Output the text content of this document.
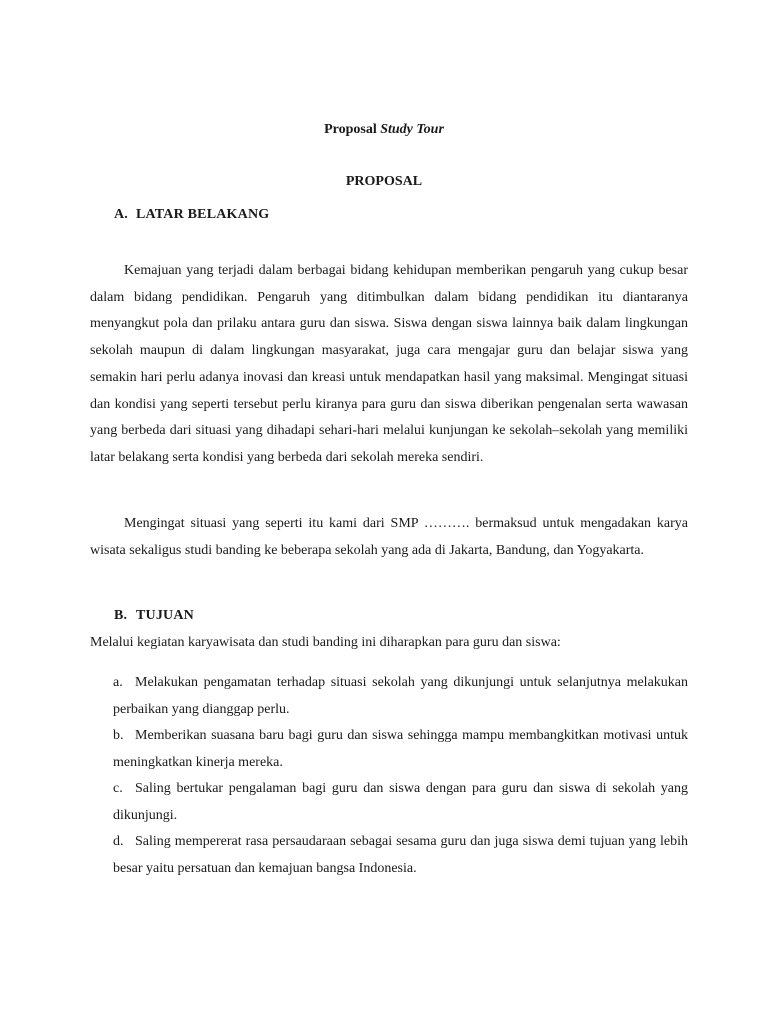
Proposal Study Tour
PROPOSAL
A. LATAR BELAKANG

Kemajuan yang terjadi dalam berbagai bidang kehidupan memberikan pengaruh yang cukup besar dalam bidang pendidikan. Pengaruh yang ditimbulkan dalam bidang pendidikan itu diantaranya menyangkut pola dan prilaku antara guru dan siswa. Siswa dengan siswa lainnya baik dalam lingkungan sekolah maupun di dalam lingkungan masyarakat, juga cara mengajar guru dan belajar siswa yang semakin hari perlu adanya inovasi dan kreasi untuk mendapatkan hasil yang maksimal. Mengingat situasi dan kondisi yang seperti tersebut perlu kiranya para guru dan siswa diberikan pengenalan serta wawasan yang berbeda dari situasi yang dihadapi sehari-hari melalui kunjungan ke sekolah–sekolah yang memiliki latar belakang serta kondisi yang berbeda dari sekolah mereka sendiri.

Mengingat situasi yang seperti itu kami dari SMP ………. bermaksud untuk mengadakan karya wisata sekaligus studi banding ke beberapa sekolah yang ada di Jakarta, Bandung, dan Yogyakarta.

B. TUJUAN

Melalui kegiatan karyawisata dan studi banding ini diharapkan para guru dan siswa:

a. Melakukan pengamatan terhadap situasi sekolah yang dikunjungi untuk selanjutnya melakukan perbaikan yang dianggap perlu.
b. Memberikan suasana baru bagi guru dan siswa sehingga mampu membangkitkan motivasi untuk meningkatkan kinerja mereka.
c. Saling bertukar pengalaman bagi guru dan siswa dengan para guru dan siswa di sekolah yang dikunjungi.
d. Saling mempererat rasa persaudaraan sebagai sesama guru dan juga siswa demi tujuan yang lebih besar yaitu persatuan dan kemajuan bangsa Indonesia.
